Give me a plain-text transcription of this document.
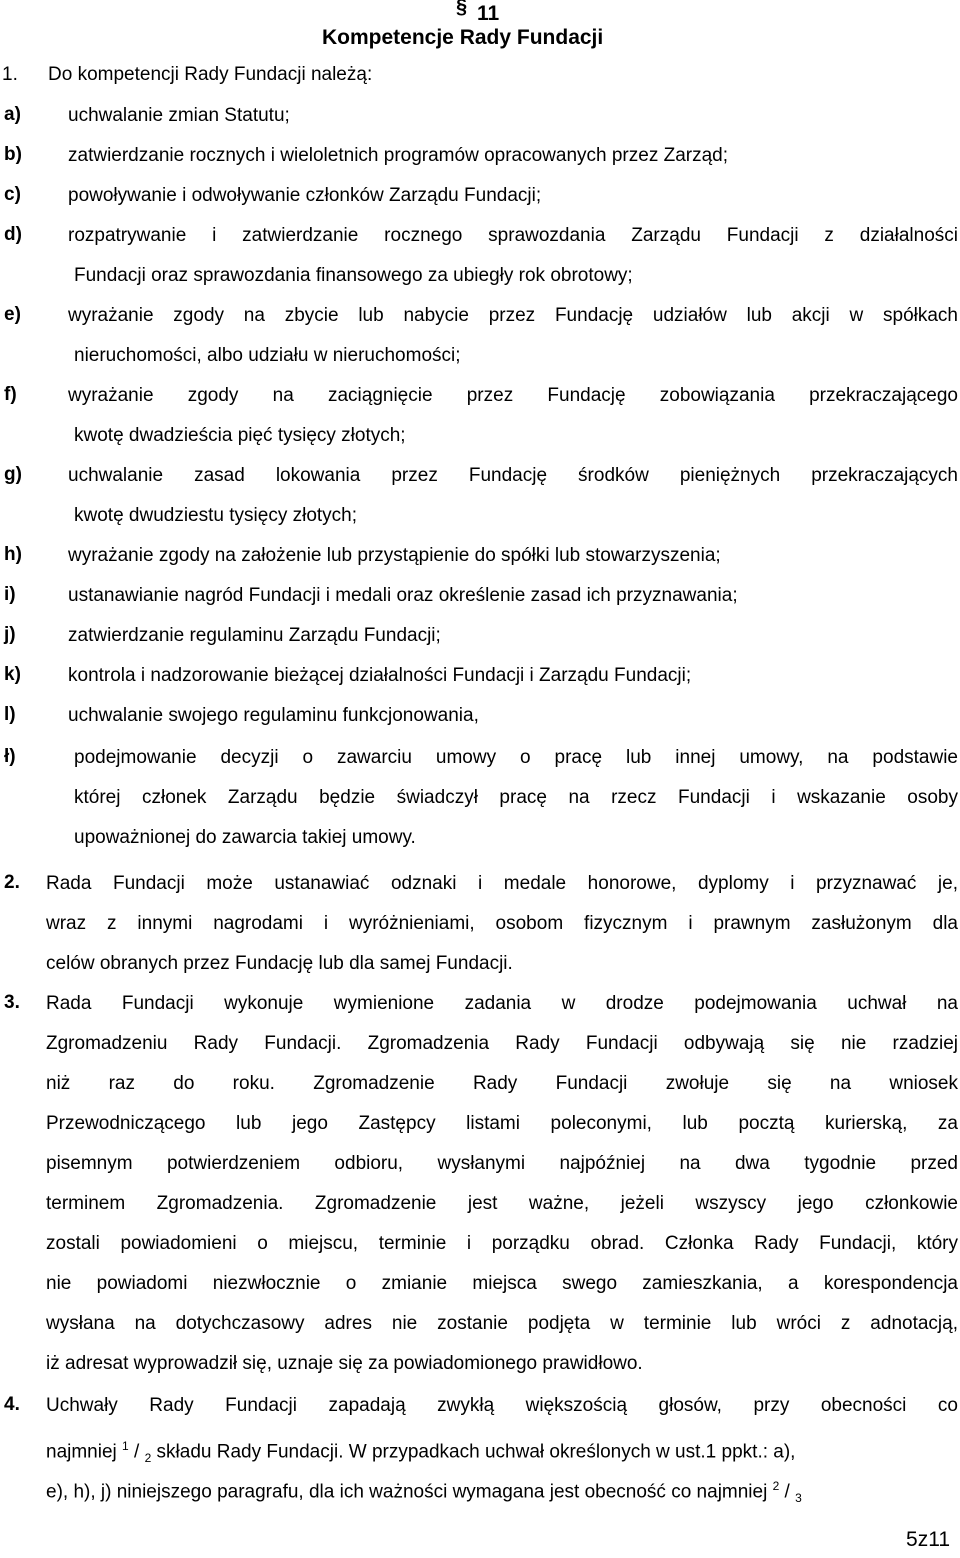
§ 11
Kompetencje Rady Fundacji
1. Do kompetencji Rady Fundacji należą:
a) uchwalanie zmian Statutu;
b) zatwierdzanie rocznych i wieloletnich programów opracowanych przez Zarząd;
c) powoływanie i odwoływanie członków Zarządu Fundacji;
d) rozpatrywanie i zatwierdzanie rocznego sprawozdania Zarządu Fundacji z działalności
Fundacji oraz sprawozdania finansowego za ubiegły rok obrotowy;
e) wyrażanie zgody na zbycie lub nabycie przez Fundację udziałów lub akcji w spółkach
nieruchomości, albo udziału w nieruchomości;
f)	wyrażanie zgody na zaciągnięcie przez Fundację zobowiązania przekraczającego
kwotę dwadzieścia pięć tysięcy złotych;
g) uchwalanie zasad lokowania przez Fundację środków pieniężnych przekraczających
kwotę dwudziestu tysięcy złotych;
h) wyrażanie zgody na założenie lub przystąpienie do spółki lub stowarzyszenia;
i)	ustanawianie nagród Fundacji i medali oraz określenie zasad ich przyznawania;
j)	zatwierdzanie regulaminu Zarządu Fundacji;
k) kontrola i nadzorowanie bieżącej działalności Fundacji i Zarządu Fundacji;
l)	uchwalanie swojego regulaminu funkcjonowania,
ł)	podejmowanie decyzji o zawarciu umowy o pracę lub innej umowy, na podstawie
której członek Zarządu będzie świadczył pracę na rzecz Fundacji i wskazanie osoby
upoważnionej do zawarcia takiej umowy.
2. Rada Fundacji może ustanawiać odznaki i medale honorowe, dyplomy i przyznawać je,
wraz z innymi nagrodami i wyróżnieniami, osobom fizycznym i prawnym zasłużonym dla
celów obranych przez Fundację lub dla samej Fundacji.
3. Rada Fundacji wykonuje wymienione zadania w drodze podejmowania uchwał na
Zgromadzeniu Rady Fundacji. Zgromadzenia Rady Fundacji odbywają się nie rzadziej
niż raz do roku. Zgromadzenie Rady Fundacji zwołuje się na wniosek
Przewodniczącego lub jego Zastępcy listami poleconymi, lub pocztą kurierską, za
pisemnym potwierdzeniem odbioru, wysłanymi najpóźniej na dwa tygodnie przed
terminem Zgromadzenia. Zgromadzenie jest ważne, jeżeli wszyscy jego członkowie
zostali powiadomieni o miejscu, terminie i porządku obrad. Członka Rady Fundacji, który
nie powiadomi niezwłocznie o zmianie miejsca swego zamieszkania, a korespondencja
wysłana na dotychczasowy adres nie zostanie podjęta w terminie lub wróci z adnotacją,
iż adresat wyprowadził się, uznaje się za powiadomionego prawidłowo.
4. Uchwały Rady Fundacji zapadają zwykłą większością głosów, przy obecności co
najmniej $^1$ / $_2$ składu Rady Fundacji. W przypadkach uchwał określonych w ust.1 ppkt.: a),
e), h), j) niniejszego paragrafu, dla ich ważności wymagana jest obecność co najmniej $^2$ / $_3$
5z11
